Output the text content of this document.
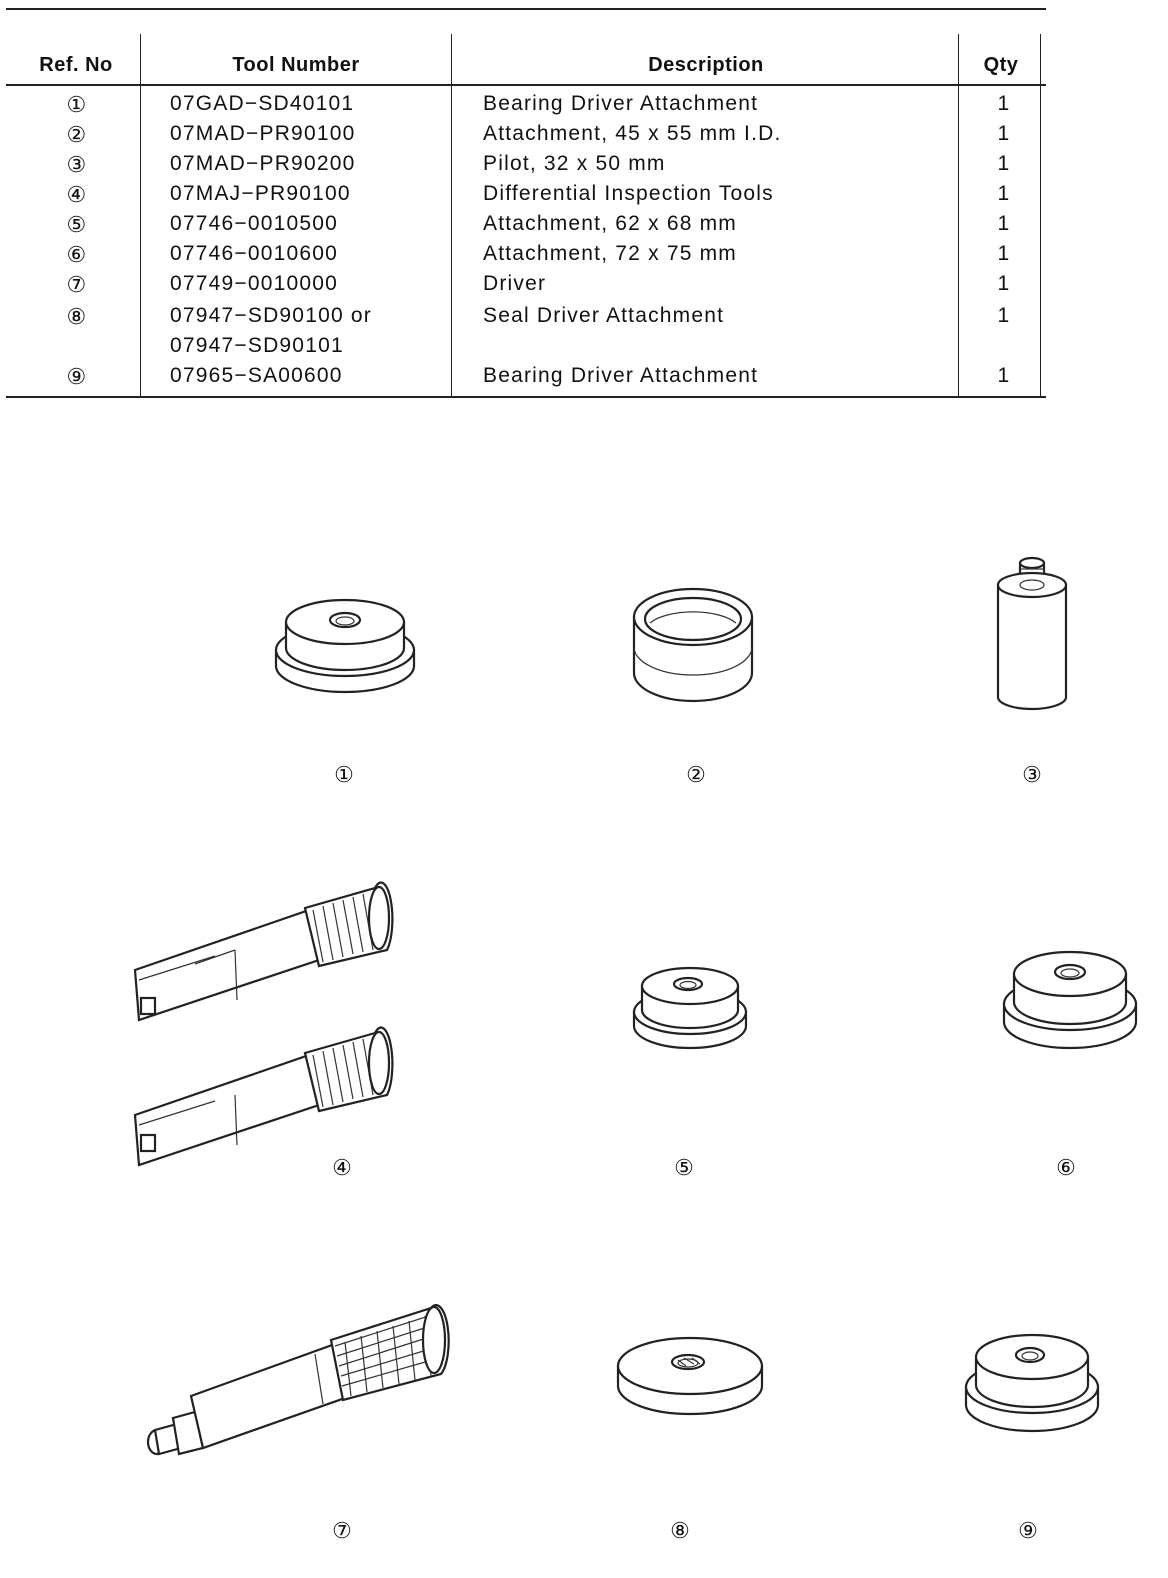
Ref. No	Tool Number	Description	Qty
①	07GAD−SD40101	Bearing Driver Attachment	1
②	07MAD−PR90100	Attachment, 45 x 55 mm I.D.	1
③	07MAD−PR90200	Pilot, 32 x 50 mm	1
④	07MAJ−PR90100	Differential Inspection Tools	1
⑤	07746−0010500	Attachment, 62 x 68 mm	1
⑥	07746−0010600	Attachment, 72 x 75 mm	1
⑦	07749−0010000	Driver	1
⑧	07947−SD90100 or	Seal Driver Attachment	1
07947−SD90101
⑨	07965−SA00600	Bearing Driver Attachment	1
①	②	③
④	⑤	⑥
⑦	⑧	⑨
